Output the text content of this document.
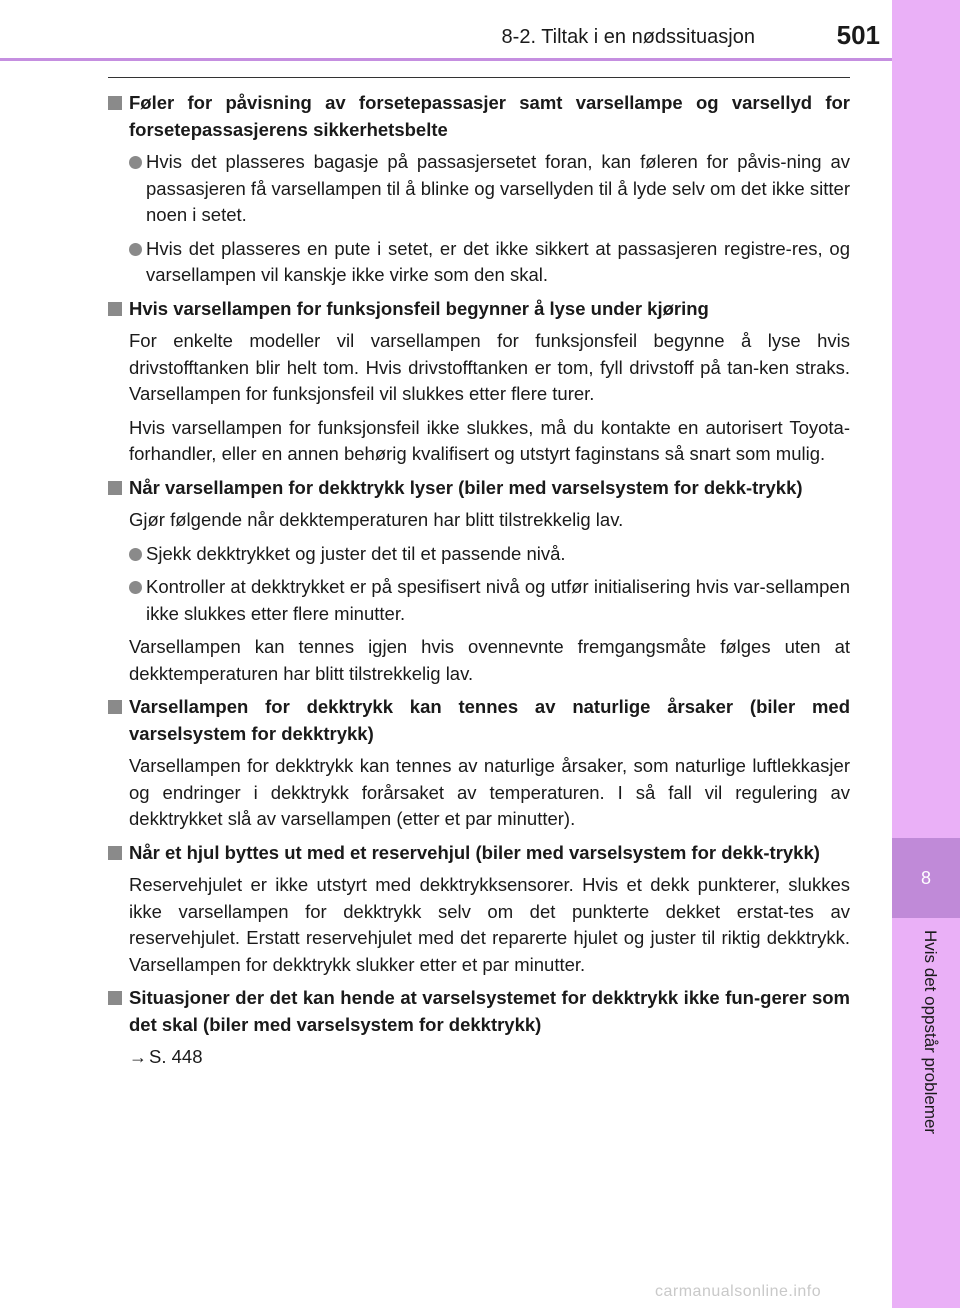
8-2. Tiltak i en nødssituasjon	501
8
Hvis det oppstår problemer
Føler for påvisning av forsetepassasjer samt varsellampe og varsellyd for forsetepassasjerens sikkerhetsbelte
Hvis det plasseres bagasje på passasjersetet foran, kan føleren for påvis-ning av passasjeren få varsellampen til å blinke og varsellyden til å lyde selv om det ikke sitter noen i setet.
Hvis det plasseres en pute i setet, er det ikke sikkert at passasjeren registre-res, og varsellampen vil kanskje ikke virke som den skal.
Hvis varsellampen for funksjonsfeil begynner å lyse under kjøring

For enkelte modeller vil varsellampen for funksjonsfeil begynne å lyse hvis drivstofftanken blir helt tom. Hvis drivstofftanken er tom, fyll drivstoff på tan-ken straks. Varsellampen for funksjonsfeil vil slukkes etter flere turer.

Hvis varsellampen for funksjonsfeil ikke slukkes, må du kontakte en autorisert Toyota-forhandler, eller en annen behørig kvalifisert og utstyrt faginstans så snart som mulig.

Når varsellampen for dekktrykk lyser (biler med varselsystem for dekk-trykk)

Gjør følgende når dekktemperaturen har blitt tilstrekkelig lav.

Sjekk dekktrykket og juster det til et passende nivå.
Kontroller at dekktrykket er på spesifisert nivå og utfør initialisering hvis var-sellampen ikke slukkes etter flere minutter.

Varsellampen kan tennes igjen hvis ovennevnte fremgangsmåte følges uten at dekktemperaturen har blitt tilstrekkelig lav.

Varsellampen for dekktrykk kan tennes av naturlige årsaker (biler med varselsystem for dekktrykk)

Varsellampen for dekktrykk kan tennes av naturlige årsaker, som naturlige luftlekkasjer og endringer i dekktrykk forårsaket av temperaturen. I så fall vil regulering av dekktrykket slå av varsellampen (etter et par minutter).

Når et hjul byttes ut med et reservehjul (biler med varselsystem for dekk-trykk)

Reservehjulet er ikke utstyrt med dekktrykksensorer. Hvis et dekk punkterer, slukkes ikke varsellampen for dekktrykk selv om det punkterte dekket erstat-tes av reservehjulet. Erstatt reservehjulet med det reparerte hjulet og juster til riktig dekktrykk. Varsellampen for dekktrykk slukker etter et par minutter.

Situasjoner der det kan hende at varselsystemet for dekktrykk ikke fun-gerer som det skal (biler med varselsystem for dekktrykk)

→ S. 448

carmanualsonline.info
